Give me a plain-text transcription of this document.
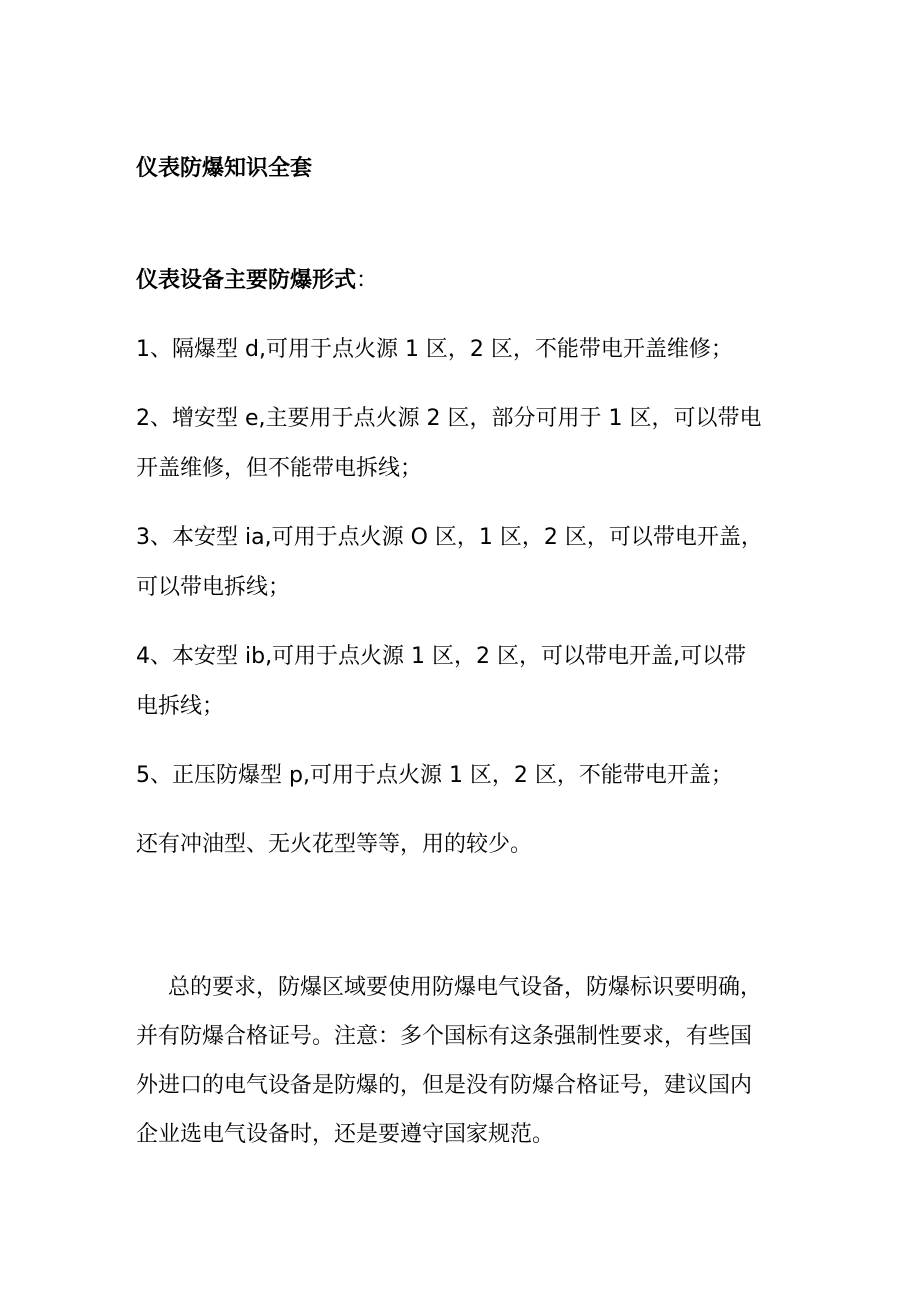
仪表防爆知识全套
仪表设备主要防爆形式：
1、隔爆型 d,可用于点火源 1 区，2 区，不能带电开盖维修；
2、增安型 e,主要用于点火源 2 区，部分可用于 1 区，可以带电
开盖维修，但不能带电拆线；
3、本安型 ia,可用于点火源 O 区，1 区，2 区，可以带电开盖，
可以带电拆线；
4、本安型 ib,可用于点火源 1 区，2 区，可以带电开盖,可以带
电拆线；
5、正压防爆型 p,可用于点火源 1 区，2 区，不能带电开盖；
还有冲油型、无火花型等等，用的较少。
总的要求，防爆区域要使用防爆电气设备，防爆标识要明确，
并有防爆合格证号。注意：多个国标有这条强制性要求，有些国
外进口的电气设备是防爆的，但是没有防爆合格证号，建议国内
企业选电气设备时，还是要遵守国家规范。
